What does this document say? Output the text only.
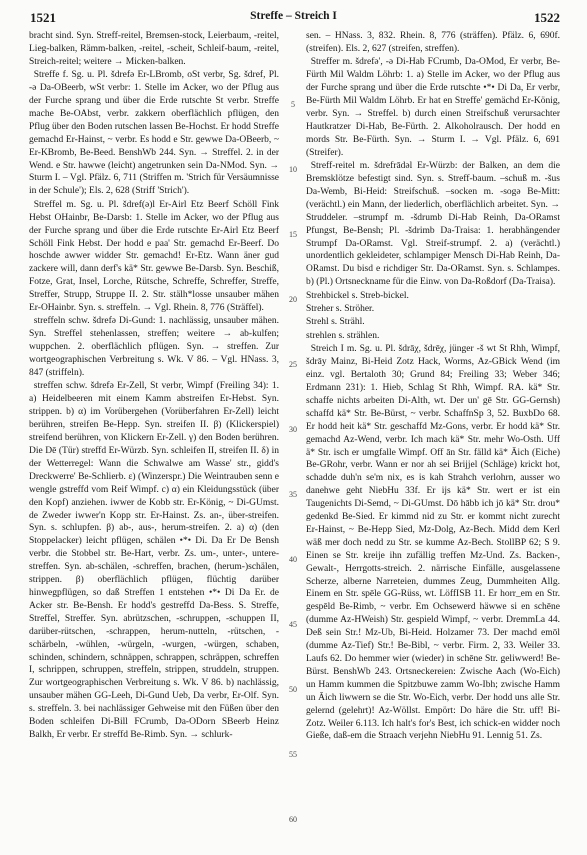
1521	Streffe – Streich I	1522

bracht sind. Syn. Streff-reitel, Bremsen-stock, Leierbaum, -reitel, Lieg-balken, Rämm-balken, -reitel, -scheit, Schleif-baum, -reitel, Streich-reitel; weitere → Micken-balken.

Streffe f. Sg. u. Pl. šdrefə Er-LBromb, oSt verbr, Sg. šdref, Pl. -ə Da-OBeerb, wSt verbr: 1. Stelle im Acker, wo der Pflug aus der Furche sprang und über die Erde rutschte St verbr. Streffe mache Be-OAbst, verbr. zakkern oberflächlich pflügen, den Pflug über den Boden rutschen lassen Be-Hochst. Er hodd Streffe gemachd Er-Hainst, ~ verbr. Es hodd e Str. gewwe Da-OBeerb, ~ Er-KBromb, Be-Beed. BenshWb 244. Syn. → Streffel. 2. in der Wend. e Str. hawwe (leicht) angetrunken sein Da-NMod. Syn. → Sturm I. – Vgl. Pfälz. 6, 711 (Striffen m. 'Strich für Versäumnisse in der Schule'); Els. 2, 628 (Striff 'Strich').

Streffel m. Sg. u. Pl. šdref(ə)l Er-Airl Etz Beerf Schöll Fink Hebst OHainbr, Be-Darsb: 1. Stelle im Acker, wo der Pflug aus der Furche sprang und über die Erde rutschte Er-Airl Etz Beerf Schöll Fink Hebst. Der hodd e paa' Str. gemachd Er-Beerf. Do hoschde awwer widder Str. gemachd! Er-Etz. Wann äner gud zackere will, dann derf's kä* Str. gewwe Be-Darsb. Syn. Beschiß, Fotze, Grat, Insel, Lorche, Rütsche, Schreffe, Schreffer, Streffe, Streffer, Strupp, Struppe II. 2. Str. stälh*losse unsauber mähen Er-OHainbr. Syn. s. streffeln. → Vgl. Rhein. 8, 776 (Sträffel).

streffeln schw. šdrefə Di-Gund: 1. nachlässig, unsauber mähen. Syn. Streffel stehenlassen, streffen; weitere → ab-kulfen; wuppchen. 2. oberflächlich pflügen. Syn. → streffen. Zur wortgeographischen Verbreitung s. Wk. V 86. – Vgl. HNass. 3, 847 (striffeln).

streffen schw. šdrefə Er-Zell, St verbr, Wimpf (Freiling 34): 1. a) Heidelbeeren mit einem Kamm abstreifen Er-Hebst. Syn. strippen. b) α) im Vorübergehen (Vorüberfahren Er-Zell) leicht berühren, streifen Be-Hepp. Syn. streifen II. β) (Klickerspiel) streifend berühren, von Klickern Er-Zell. γ) den Boden berühren. Die Dē (Tür) streffd Er-Würzb. Syn. schleifen II, streifen II. δ) in der Wetterregel: Wann die Schwalwe am Wasse' str., gidd's Dreckwerre' Be-Schlierb. ε) (Winzerspr.) Die Weintrauben senn e wengle gstreffd vom Reif Wimpf. c) α) ein Kleidungsstück (über den Kopf) anziehen. iwwer de Kobb str. Er-König, ~ Di-GUmst. de Zweder iwwer'n Kopp str. Er-Hainst. Zs. an-, über-streifen. Syn. s. schlupfen. β) ab-, aus-, herum-streifen. 2. a) α) (den Stoppelacker) leicht pflügen, schälen •*• Di. Da Er De Bensh verbr. die Stobbel str. Be-Hart, verbr. Zs. um-, unter-, untere-streffen. Syn. ab-schälen, -schreffen, brachen, (herum-)schälen, strippen. β) oberflächlich pflügen, flüchtig darüber hinwegpflügen, so daß Streffen 1 entstehen •*• Di Da Er. de Acker str. Be-Bensh. Er hodd's gestreffd Da-Bess. S. Streffe, Streffel, Streffer. Syn. abrützschen, -schruppen, -schuppen II, darüber-rütschen, -schrappen, herum-nutteln, -rütschen, -schärbeln, -wühlen, -würgeln, -wurgen, -würgen, schaben, schinden, schindern, schnäppen, schrappen, schräppen, schreffen I, schrippen, schruppen, streffeln, strippen, struddeln, struppen. Zur wortgeographischen Verbreitung s. Wk. V 86. b) nachlässig, unsauber mähen GG-Leeh, Di-Gund Ueb, Da verbr, Er-Olf. Syn. s. streffeln. 3. bei nachlässiger Gehweise mit den Füßen über den Boden schleifen Di-Bill FCrumb, Da-ODorn SBeerb Heinz Balkh, Er verbr. Er streffd Be-Rimb. Syn. → schlurk-

5
10
15
20
25
30
35
40
45
50
55
60

sen. – HNass. 3, 832. Rhein. 8, 776 (sträffen). Pfälz. 6, 690f. (streifen). Els. 2, 627 (streifen, streffen).

Streffer m. šdrefə', -ə Di-Hab FCrumb, Da-OMod, Er verbr, Be-Fürth Mil Waldm Löhrb: 1. a) Stelle im Acker, wo der Pflug aus der Furche sprang und über die Erde rutschte •*• Di Da, Er verbr, Be-Fürth Mil Waldm Löhrb. Er hat en Streffe' gemächd Er-König, verbr. Syn. → Streffel. b) durch einen Streifschuß verursachter Hautkratzer Di-Hab, Be-Fürth. 2. Alkoholrausch. Der hodd en mords Str. Be-Fürth. Syn. → Sturm I. → Vgl. Pfälz. 6, 691 (Streifer).

Streff-reitel m. šdrefrādəl Er-Würzb: der Balken, an dem die Bremsklötze befestigt sind. Syn. s. Streff-baum. –schuß m. -šus Da-Wemb, Bi-Heid: Streifschuß. –socken m. -sogə Be-Mitt: (verächtl.) ein Mann, der liederlich, oberflächlich arbeitet. Syn. → Struddeler. –strumpf m. -šdrumb Di-Hab Reinh, Da-ORamst Pfungst, Be-Bensh; Pl. -šdrimb Da-Traisa: 1. herabhängender Strumpf Da-ORamst. Vgl. Streif-strumpf. 2. a) (verächtl.) unordentlich gekleideter, schlampiger Mensch Di-Hab Reinh, Da-ORamst. Du bisd e richdiger Str. Da-ORamst. Syn. s. Schlampes. b) (Pl.) Ortsneckname für die Einw. von Da-Roßdorf (Da-Traisa).

Strehbickel s. Streb-bickel.

Streher s. Ströher.

Strehl s. Strähl.

strehlen s. strählen.

Streich I m. Sg. u. Pl. šdrāχ, šdrēχ, jünger -š wt St Rhh, Wimpf, šdrāy Mainz, Bi-Heid Zotz Hack, Worms, Az-GBick Wend (im einz. vgl. Bertaloth 30; Grund 84; Freiling 33; Weber 346; Erdmann 231): 1. Hieb, Schlag St Rhh, Wimpf. RA. kä* Str. schaffe nichts arbeiten Di-Alth, wt. Der un' gē Str. GG-Gernsh) schaffd kä* Str. Be-Bürst, ~ verbr. SchaffnSp 3, 52. BuxbDo 68. Er hodd heit kä* Str. geschaffd Mz-Gons, verbr. Er hodd kä* Str. gemachd Az-Wend, verbr. Ich mach kä* Str. mehr Wo-Osth. Uff ä* Str. isch er umgfalle Wimpf. Off ān Str. fälld kä* Āich (Eiche) Be-GRohr, verbr. Wann er nor ah sei Brijjel (Schläge) krickt hot, schadde duh'n se'm nix, es is kah Strahch verlohrn, ausser wo danehwe geht NiebHu 33f. Er ijs kä* Str. wert er ist ein Taugenichts Di-Semd, ~ Di-GUmst. Dō hābb ich jō kä* Str. drou* gedenkd Be-Sied. Er kimmd nid zu Str. er kommt nicht zurecht Er-Hainst, ~ Be-Hepp Sied, Mz-Dolg, Az-Bech. Midd dem Kerl wäß mer doch nedd zu Str. se kumme Az-Bech. StollBP 62; S 9. Einen se Str. kreije ihn zufällig treffen Mz-Und. Zs. Backen-, Gewalt-, Herrgotts-streich. 2. närrische Einfälle, ausgelassene Scherze, alberne Narreteien, dummes Zeug, Dummheiten Allg. Einem en Str. spēle GG-Rüss, wt. LöffISB 11. Er horr_em en Str. gespēld Be-Rimb, ~ verbr. Em Ochsewerd häwwe si en schēne (dumme Az-HWeish) Str. gespield Wimpf, ~ verbr. DremmLa 44. Deß sein Str.! Mz-Ub, Bi-Heid. Holzamer 73. Der machd emōl (dumme Az-Tief) Str.! Be-Bibl, ~ verbr. Firm. 2, 33. Weiler 33. Laufs 62. Do hemmer wier (wieder) in schēne Str. geliwwerd! Be-Bürst. BenshWb 243. Ortsneckereien: Zwische Aach (Wo-Eich) un Hamm kummen die Spitzbuwe zamm Wo-Ibh; zwische Hamm un Āich liwwern se die Str. Wo-Eich, verbr. Der hodd uns alle Str. gelernd (gelehrt)! Az-Wöllst. Empört: Do häre die Str. uff! Bi-Zotz. Weiler 6.113. Ich halt's for's Best, ich schick-en widder noch Gieße, daß-em die Straach verjehn NiebHu 91. Lennig 51. Zs.
